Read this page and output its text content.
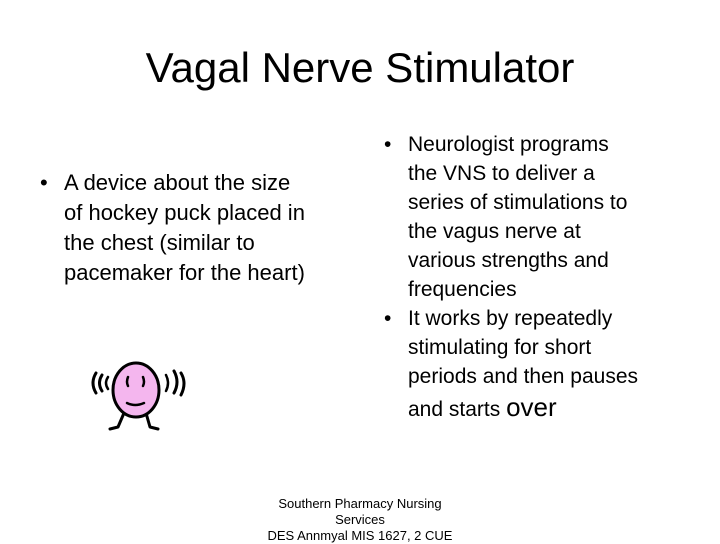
Vagal Nerve Stimulator
• A device about the size
of hockey puck placed in
the chest (similar to
pacemaker for the heart)
• Neurologist programs
the VNS to deliver a
series of stimulations to
the vagus nerve at
various strengths and
frequencies
• It works by repeatedly
stimulating for short
periods and then pauses
and starts over
Southern Pharmacy Nursing
Services
DES Annmyal MIS 1627, 2 CUE
